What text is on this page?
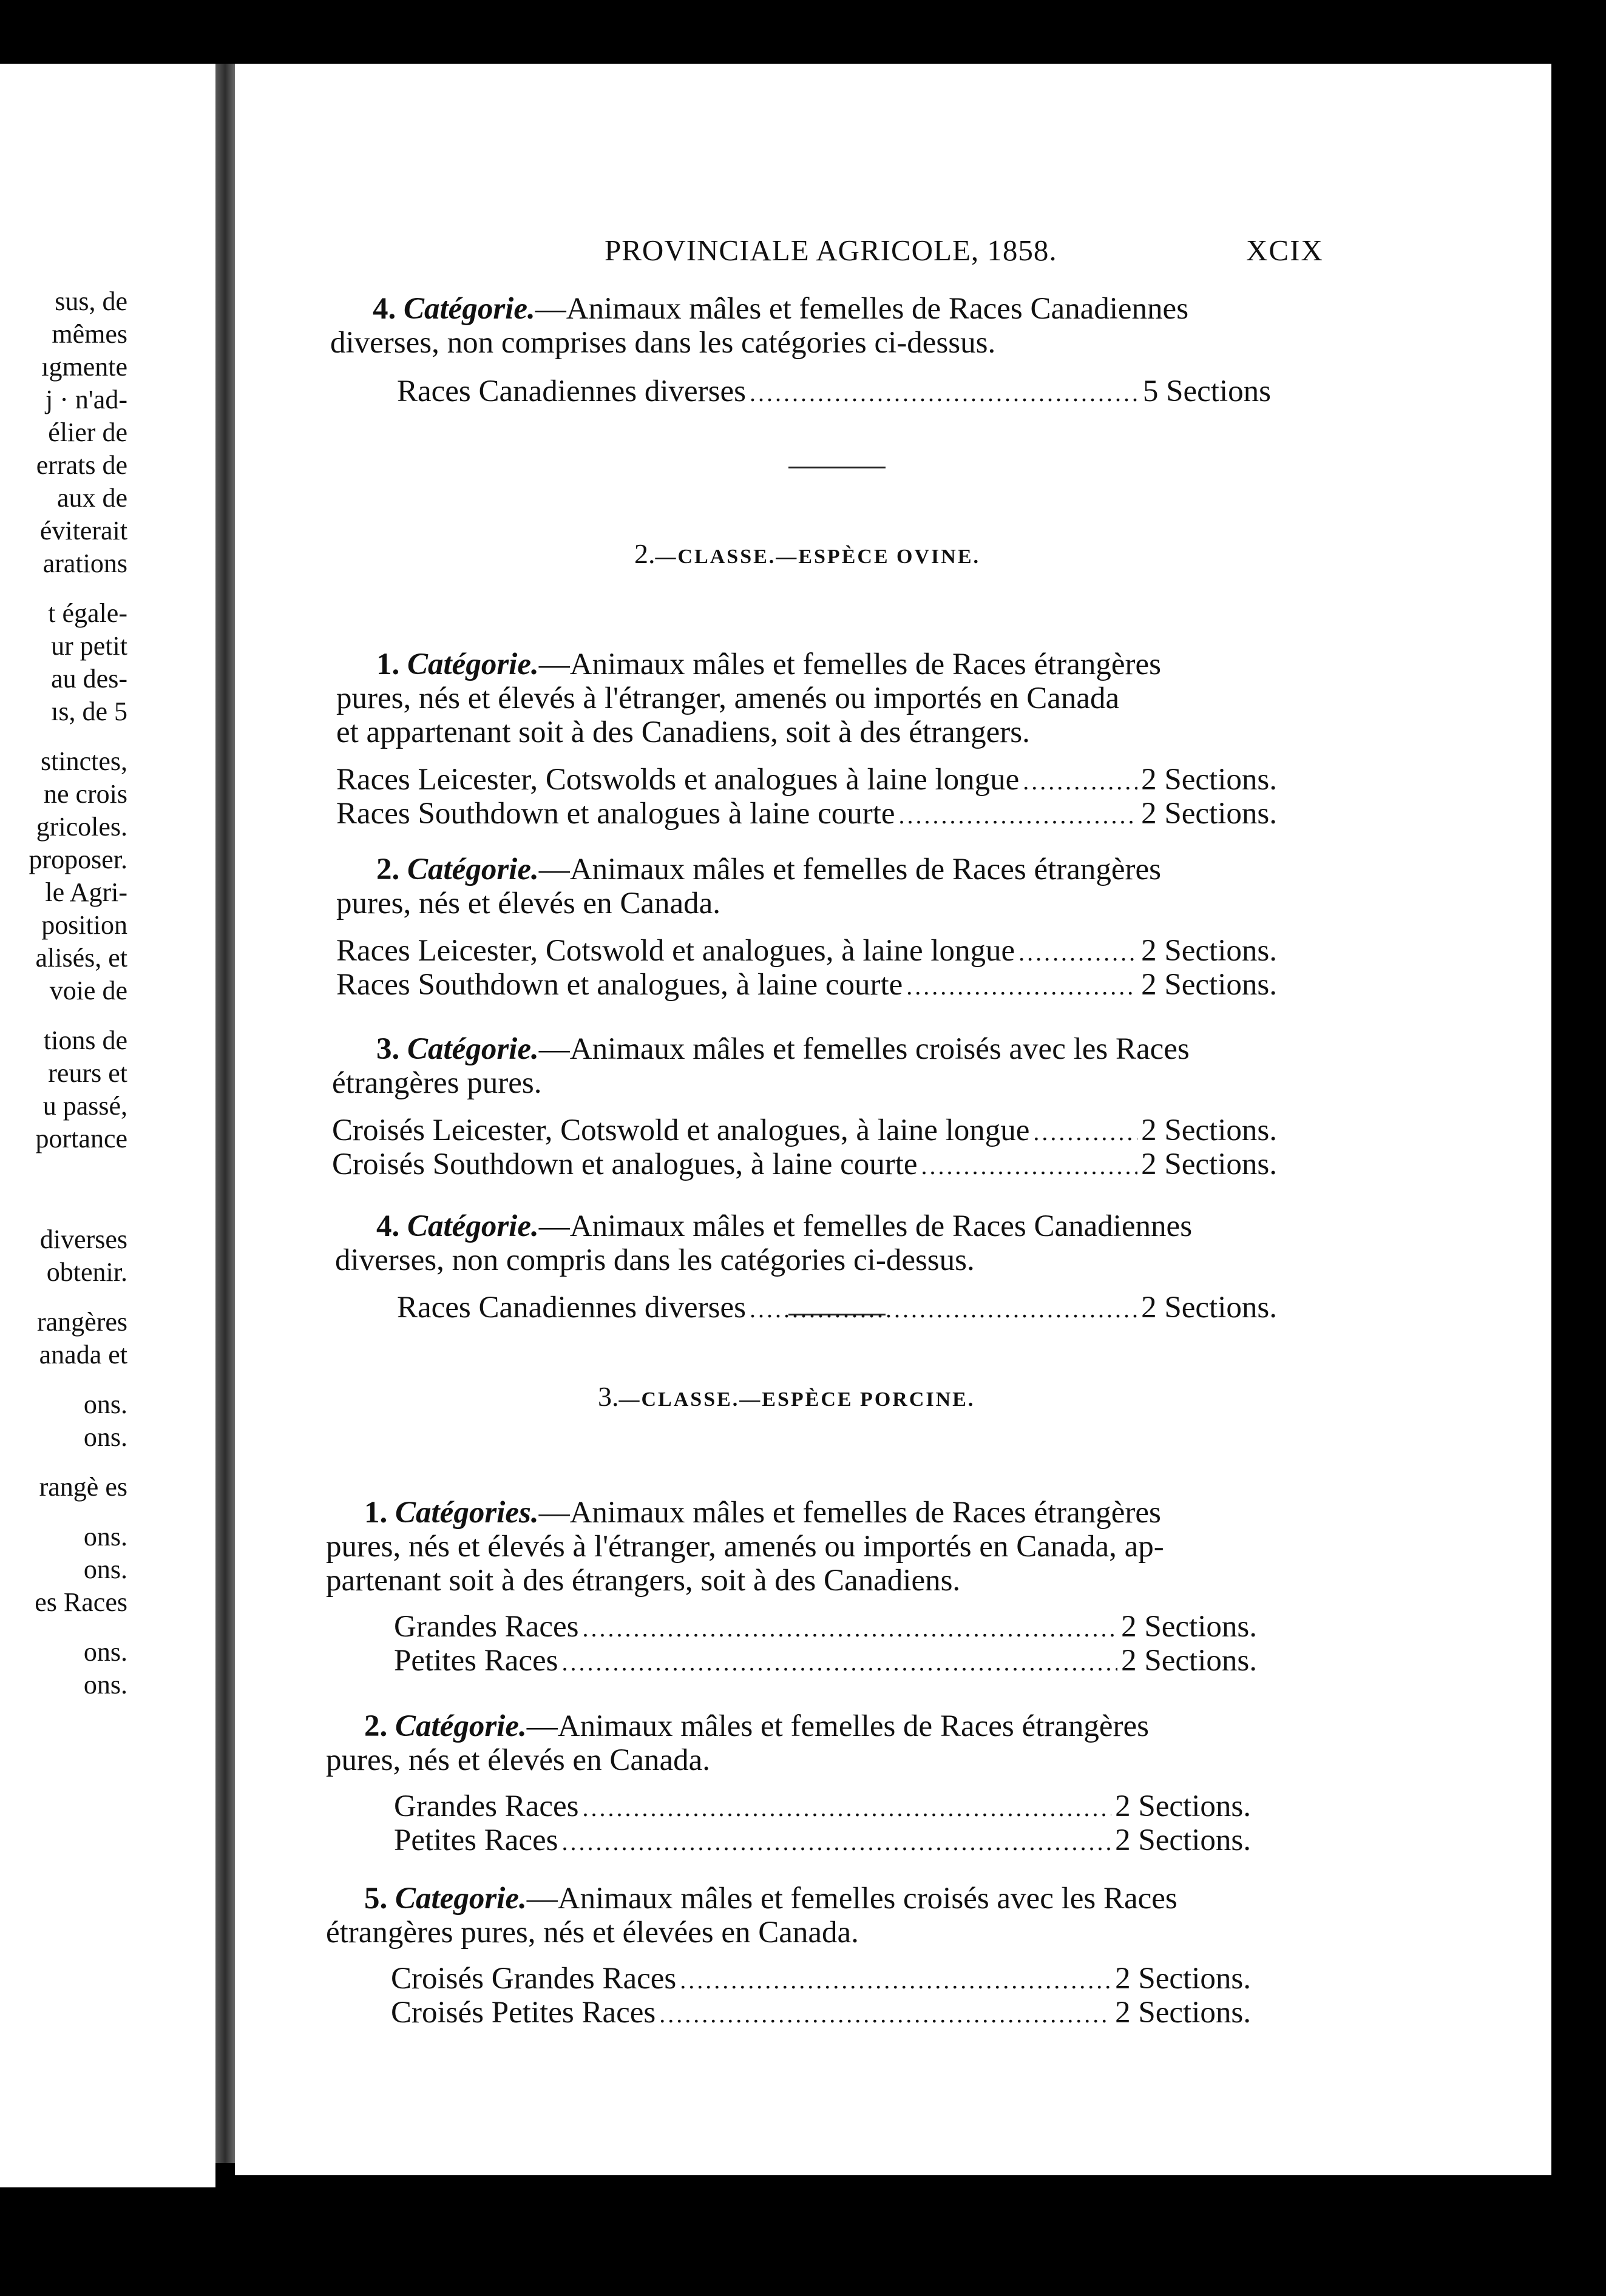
sus, de
mêmes
ıgmente
j · n'ad-
élier de
errats de
aux de
éviterait
arations
t égale-
ur petit
au des-
ıs, de 5
stinctes,
ne crois
gricoles.
proposer.
le Agri-
position
alisés, et
voie de
tions de
reurs et
u passé,
portance
diverses
obtenir.
rangères
anada et
ons.
ons.
rangè es
ons.
ons.
es Races
ons.
ons.
PROVINCIALE AGRICOLE, 1858.	XCIX
4. Catégorie.—Animaux mâles et femelles de Races Canadiennes
diverses, non comprises dans les catégories ci-dessus.
Races Canadiennes diverses .....	5 Sections
2.—CLASSE.—ESPÈCE OVINE.
3.—CLASSE.—ESPÈCE PORCINE.
1. Catégorie.—Animaux mâles et femelles de Races étrangères
pures, nés et élevés à l'étranger, amenés ou importés en Canada
et appartenant soit à des Canadiens, soit à des étrangers.
Races Leicester, Cotswolds et analogues à laine longue .....	2 Sections.
Races Southdown et analogues à laine courte .....	2 Sections.
2. Catégorie.—Animaux mâles et femelles de Races étrangères
pures, nés et élevés en Canada.
Races Leicester, Cotswold et analogues, à laine longue .....	2 Sections.
Races Southdown et analogues, à laine courte .....	2 Sections.
3. Catégorie.—Animaux mâles et femelles croisés avec les Races
étrangères pures.
Croisés Leicester, Cotswold et analogues, à laine longue .....	2 Sections.
Croisés Southdown et analogues, à laine courte .....	2 Sections.
4. Catégorie.—Animaux mâles et femelles de Races Canadiennes
diverses, non compris dans les catégories ci-dessus.
Races Canadiennes diverses .....	2 Sections.
1. Catégories.—Animaux mâles et femelles de Races étrangères
pures, nés et élevés à l'étranger, amenés ou importés en Canada, ap-
partenant soit à des étrangers, soit à des Canadiens.
Grandes Races .....	2 Sections.
Petites Races .....	2 Sections.
2. Catégorie.—Animaux mâles et femelles de Races étrangères
pures, nés et élevés en Canada.
Grandes Races .....	2 Sections.
Petites Races .....	2 Sections.
5. Categorie.—Animaux mâles et femelles croisés avec les Races
étrangères pures, nés et élevées en Canada.
Croisés Grandes Races .....	2 Sections.
Croisés Petites Races .....	2 Sections.
